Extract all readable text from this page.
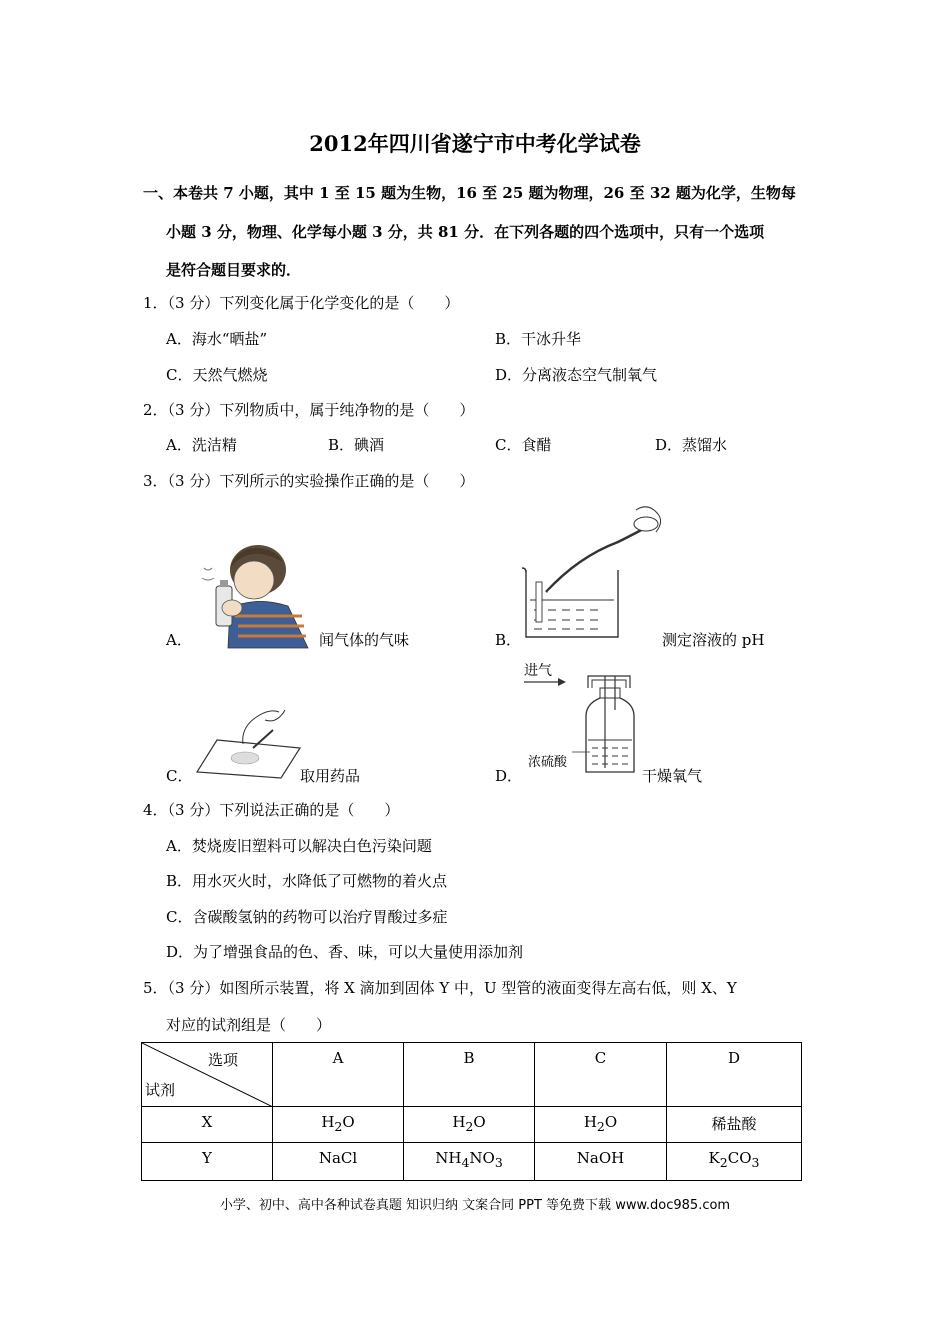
2012年四川省遂宁市中考化学试卷
一、本卷共 7 小题，其中 1 至 15 题为生物，16 至 25 题为物理，26 至 32 题为化学，生物每
小题 3 分，物理、化学每小题 3 分，共 81 分．在下列各题的四个选项中，只有一个选项
是符合题目要求的．
1．（3 分）下列变化属于化学变化的是（　　）
A．海水“晒盐”	B．干冰升华
C．天然气燃烧	D．分离液态空气制氧气
2．（3 分）下列物质中，属于纯净物的是（　　）
A．洗洁精	B．碘酒	C．食醋	D．蒸馏水
3．（3 分）下列所示的实验操作正确的是（　　）
A．	闻气体的气味	B．	测定溶液的 pH
C．	取用药品
进气
浓硫酸
D．	干燥氧气
4．（3 分）下列说法正确的是（　　）
A．焚烧废旧塑料可以解决白色污染问题
B．用水灭火时，水降低了可燃物的着火点
C．含碳酸氢钠的药物可以治疗胃酸过多症
D．为了增强食品的色、香、味，可以大量使用添加剂
5．（3 分）如图所示装置，将 X 滴加到固体 Y 中，U 型管的液面变得左高右低，则 X、Y
对应的试剂组是（　　）
选项
试剂	A	B	C	D
X	$H_2O$	$H_2O$	$H_2O$	稀盐酸
Y	NaCl	$NH_4NO_3$	NaOH	$K_2CO_3$
小学、初中、高中各种试卷真题 知识归纳 文案合同 PPT 等免费下载 www.doc985.com
